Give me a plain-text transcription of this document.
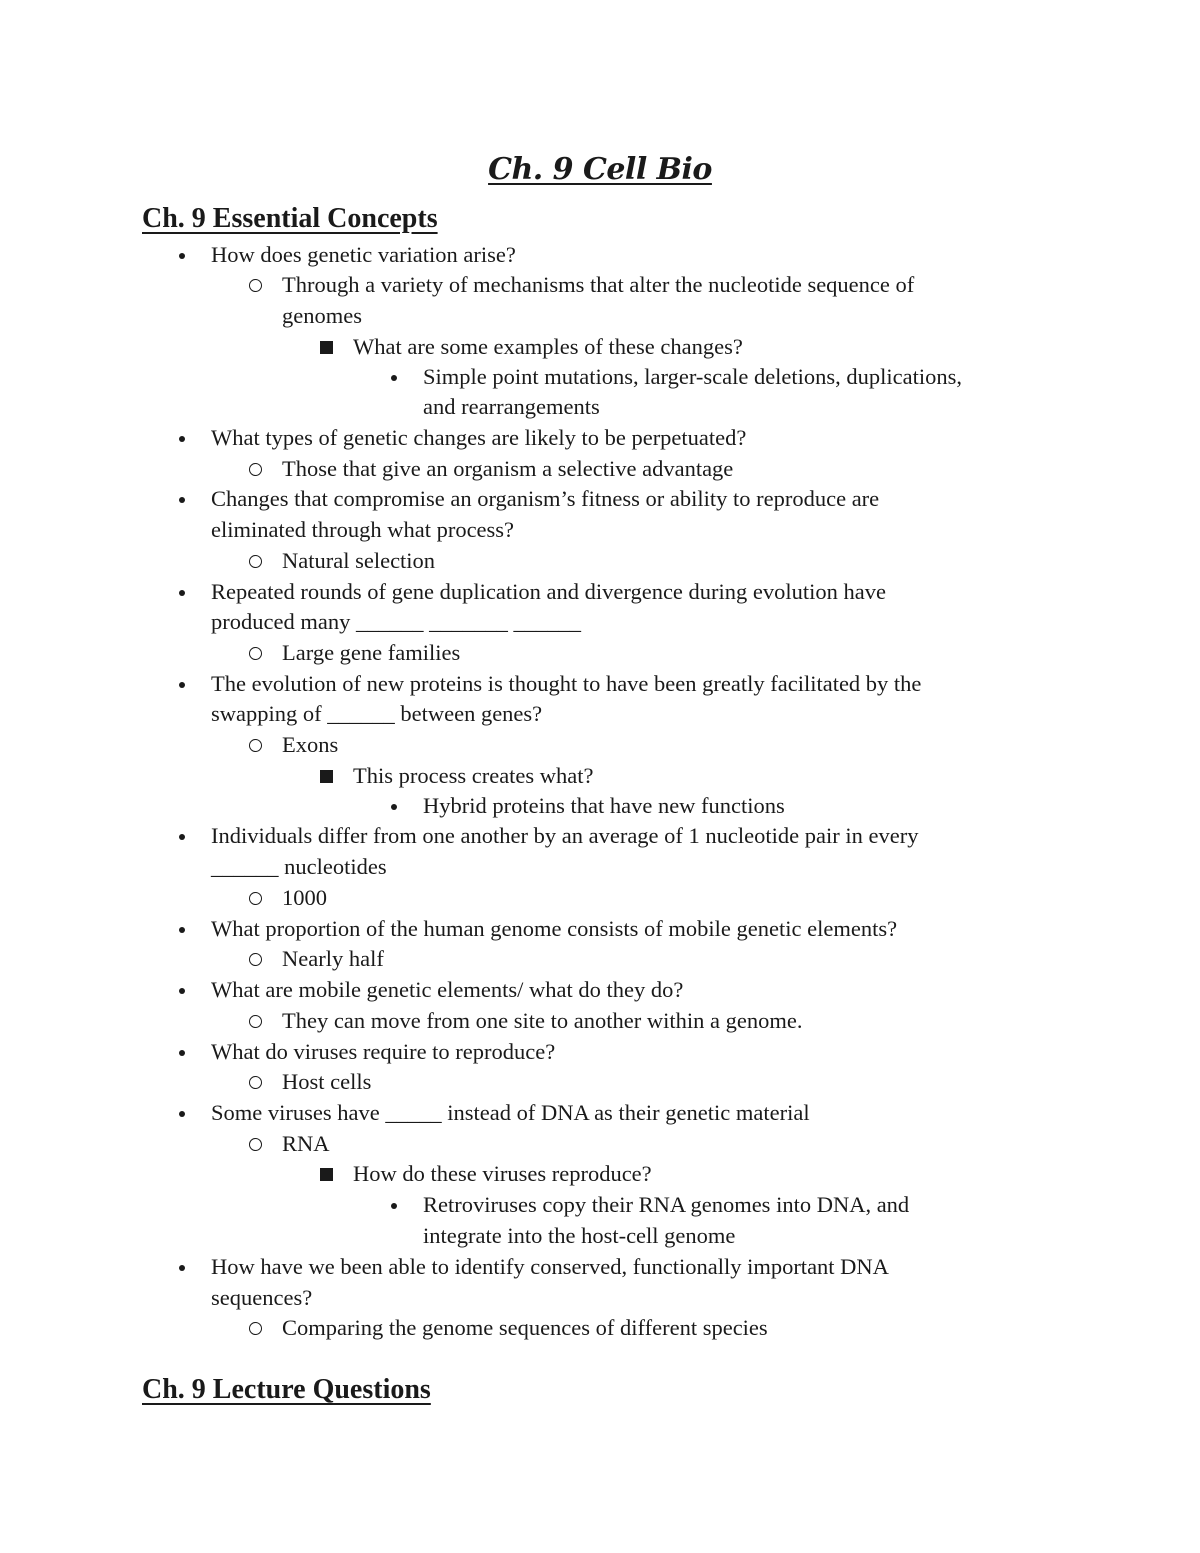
Ch. 9 Cell Bio
Ch. 9 Essential Concepts
How does genetic variation arise?
Through a variety of mechanisms that alter the nucleotide sequence of
genomes
What are some examples of these changes?
Simple point mutations, larger-scale deletions, duplications,
and rearrangements
What types of genetic changes are likely to be perpetuated?
Those that give an organism a selective advantage
Changes that compromise an organism’s fitness or ability to reproduce are
eliminated through what process?
Natural selection
Repeated rounds of gene duplication and divergence during evolution have
produced many ______ _______ ______
Large gene families
The evolution of new proteins is thought to have been greatly facilitated by the
swapping of ______ between genes?
Exons
This process creates what?
Hybrid proteins that have new functions
Individuals differ from one another by an average of 1 nucleotide pair in every
______ nucleotides
1000
What proportion of the human genome consists of mobile genetic elements?
Nearly half
What are mobile genetic elements/ what do they do?
They can move from one site to another within a genome.
What do viruses require to reproduce?
Host cells
Some viruses have _____ instead of DNA as their genetic material
RNA
How do these viruses reproduce?
Retroviruses copy their RNA genomes into DNA, and
integrate into the host-cell genome
How have we been able to identify conserved, functionally important DNA
sequences?
Comparing the genome sequences of different species
Ch. 9 Lecture Questions
